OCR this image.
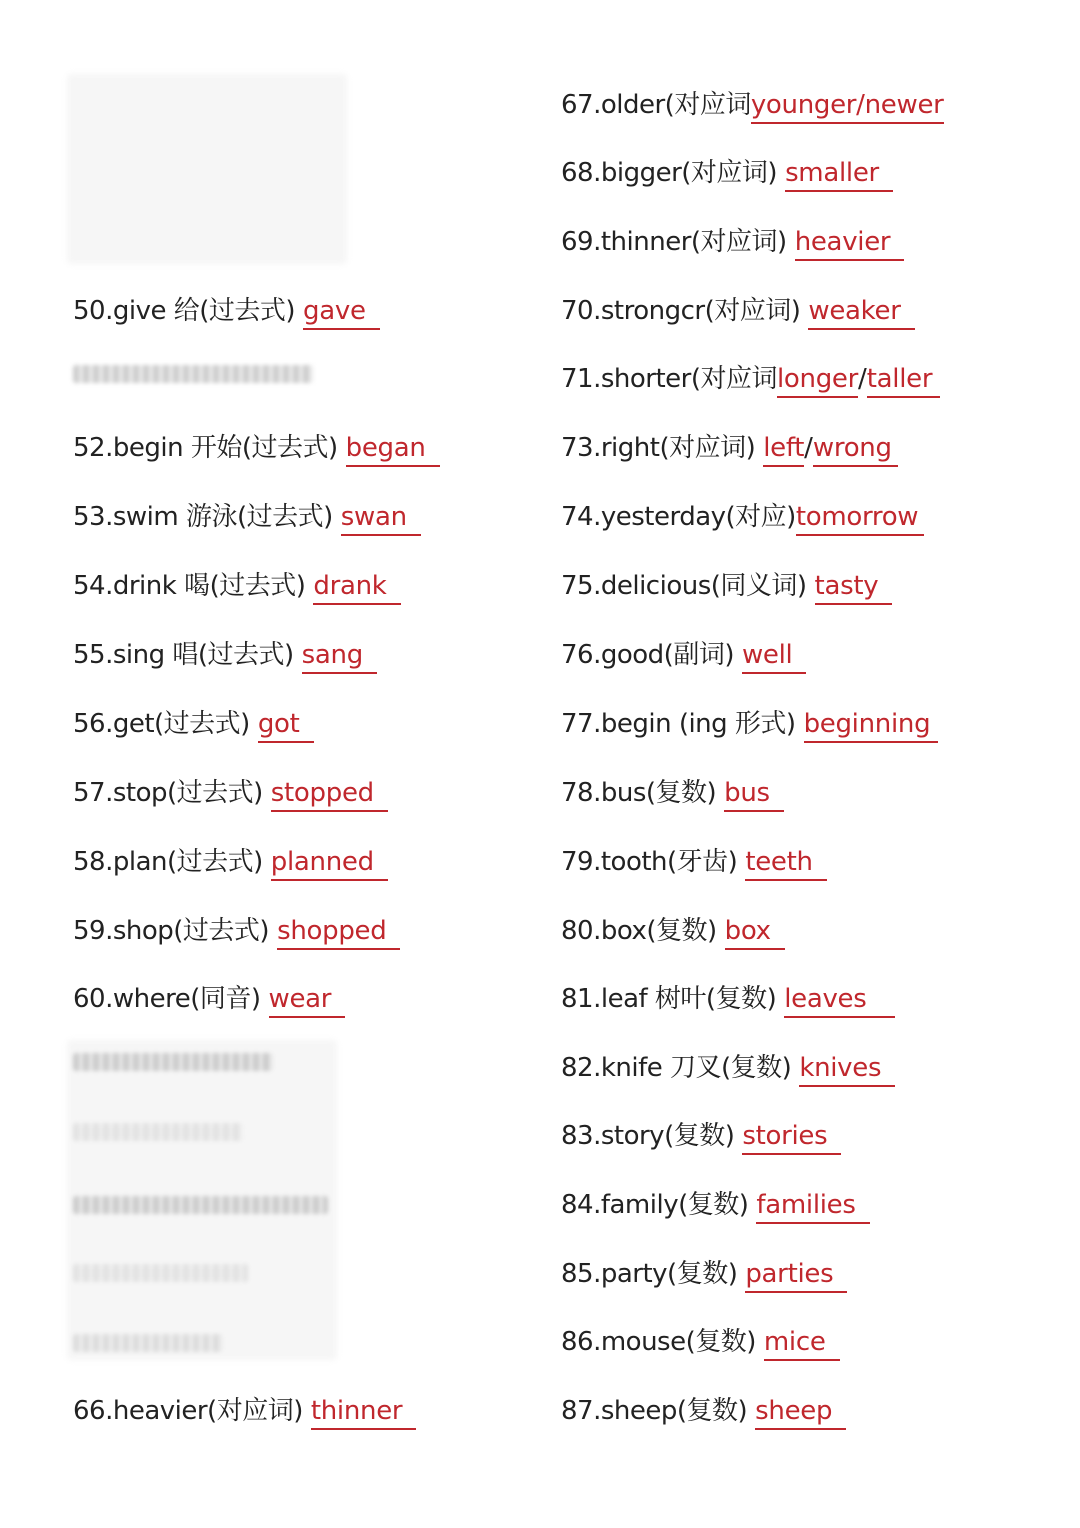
50.give 给(过去式) gave
52.begin 开始(过去式) began
53.swim 游泳(过去式) swan
54.drink 喝(过去式) drank
55.sing 唱(过去式) sang
56.get(过去式) got
57.stop(过去式) stopped
58.plan(过去式) planned
59.shop(过去式) shopped
60.where(同音) wear
66.heavier(对应词) thinner
67.older(对应词 younger/newer
68.bigger(对应词) smaller
69.thinner(对应词) heavier
70.strongcr(对应词) weaker
71.shorter(对应词 longer / taller
73.right(对应词) left / wrong
74.yesterday(对应) tomorrow
75.delicious(同义词) tasty
76.good(副词) well
77.begin (ing 形式) beginning
78.bus(复数) bus
79.tooth(牙齿) teeth
80.box(复数) box
81.leaf 树叶(复数) leaves
82.knife 刀叉(复数) knives
83.story(复数) stories
84.family(复数) families
85.party(复数) parties
86.mouse(复数) mice
87.sheep(复数) sheep
